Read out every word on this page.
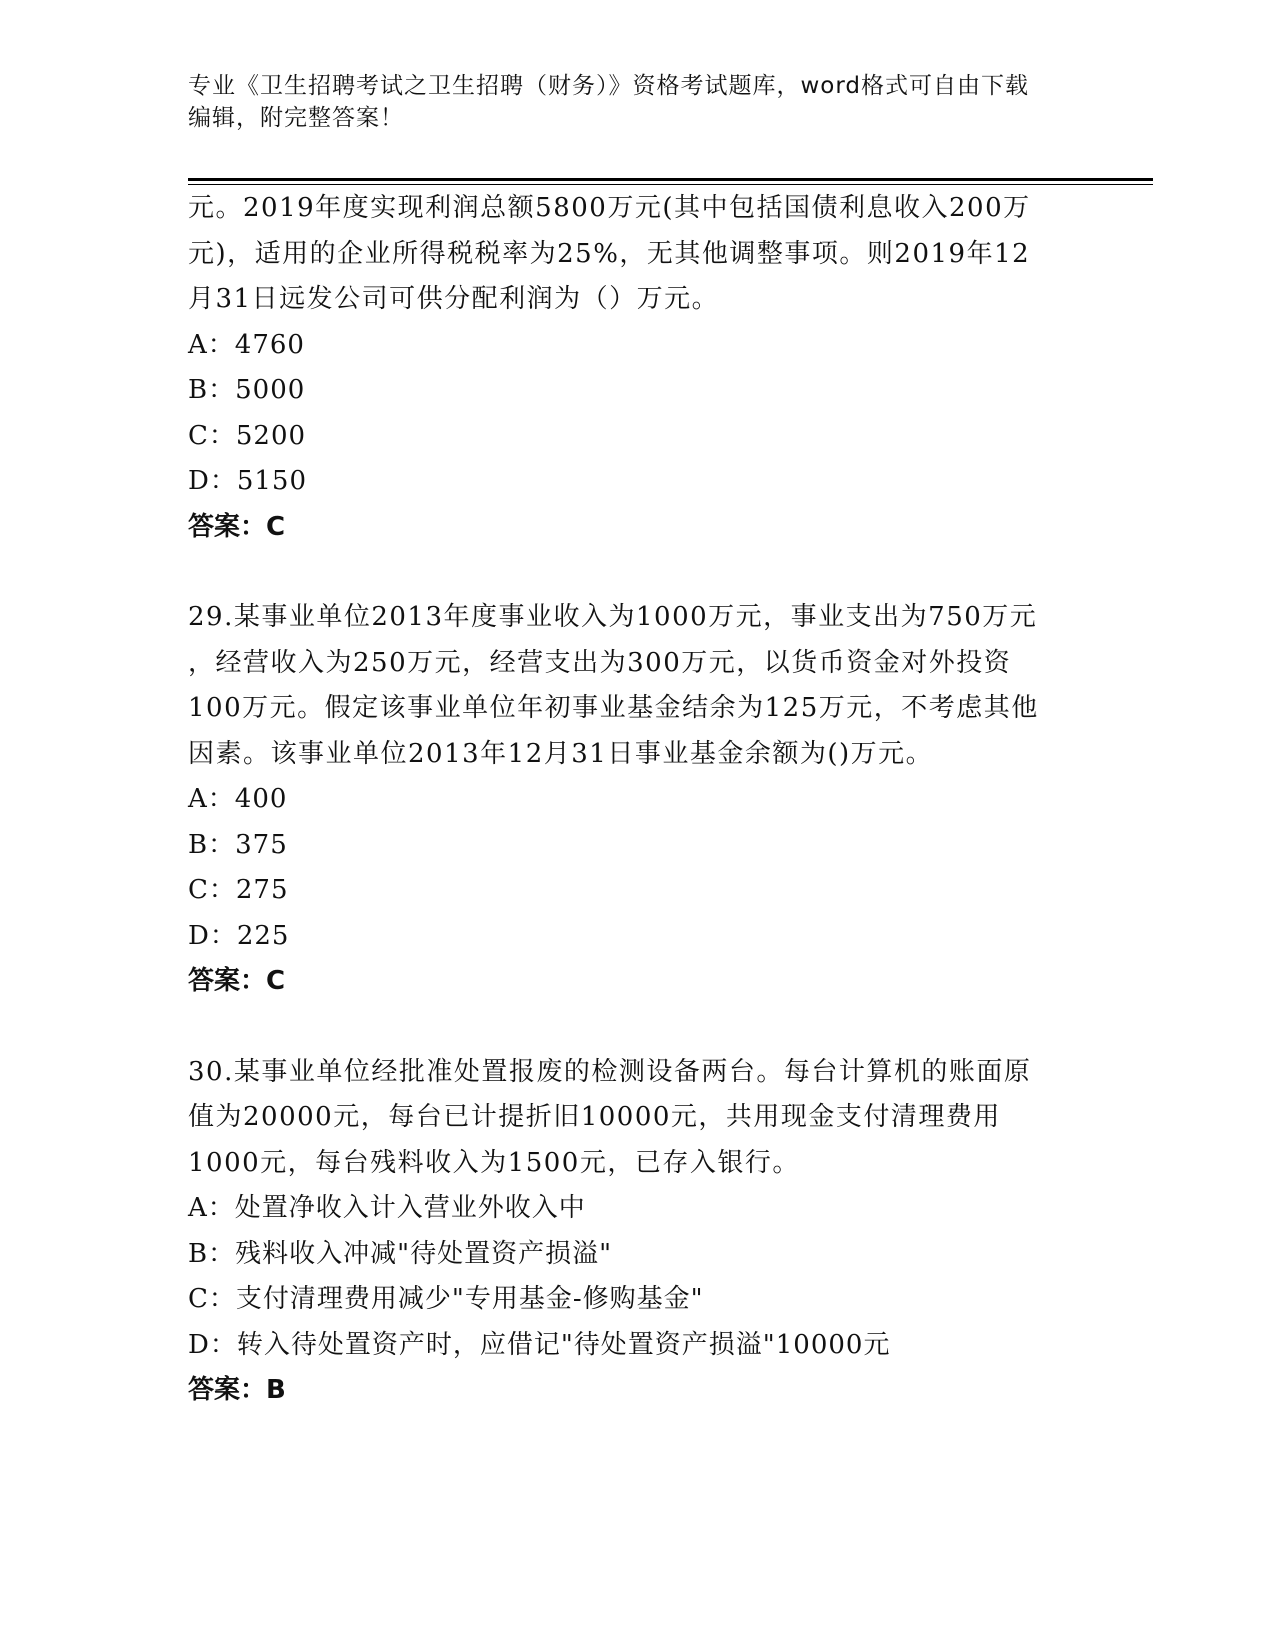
专业《卫生招聘考试之卫生招聘（财务）》资格考试题库，word格式可自由下载
编辑，附完整答案！

元。2019年度实现利润总额5800万元(其中包括国债利息收入200万

元)，适用的企业所得税税率为25%，无其他调整事项。则2019年12

月31日远发公司可供分配利润为（）万元。

A：4760

B：5000

C：5200

D：5150

答案：C

29.某事业单位2013年度事业收入为1000万元，事业支出为750万元

，经营收入为250万元，经营支出为300万元，以货币资金对外投资

100万元。假定该事业单位年初事业基金结余为125万元，不考虑其他

因素。该事业单位2013年12月31日事业基金余额为()万元。

A：400

B：375

C：275

D：225

答案：C

30.某事业单位经批准处置报废的检测设备两台。每台计算机的账面原

值为20000元，每台已计提折旧10000元，共用现金支付清理费用

1000元，每台残料收入为1500元，已存入银行。

A：处置净收入计入营业外收入中

B：残料收入冲减"待处置资产损溢"

C：支付清理费用减少"专用基金-修购基金"

D：转入待处置资产时，应借记"待处置资产损溢"10000元

答案：B
